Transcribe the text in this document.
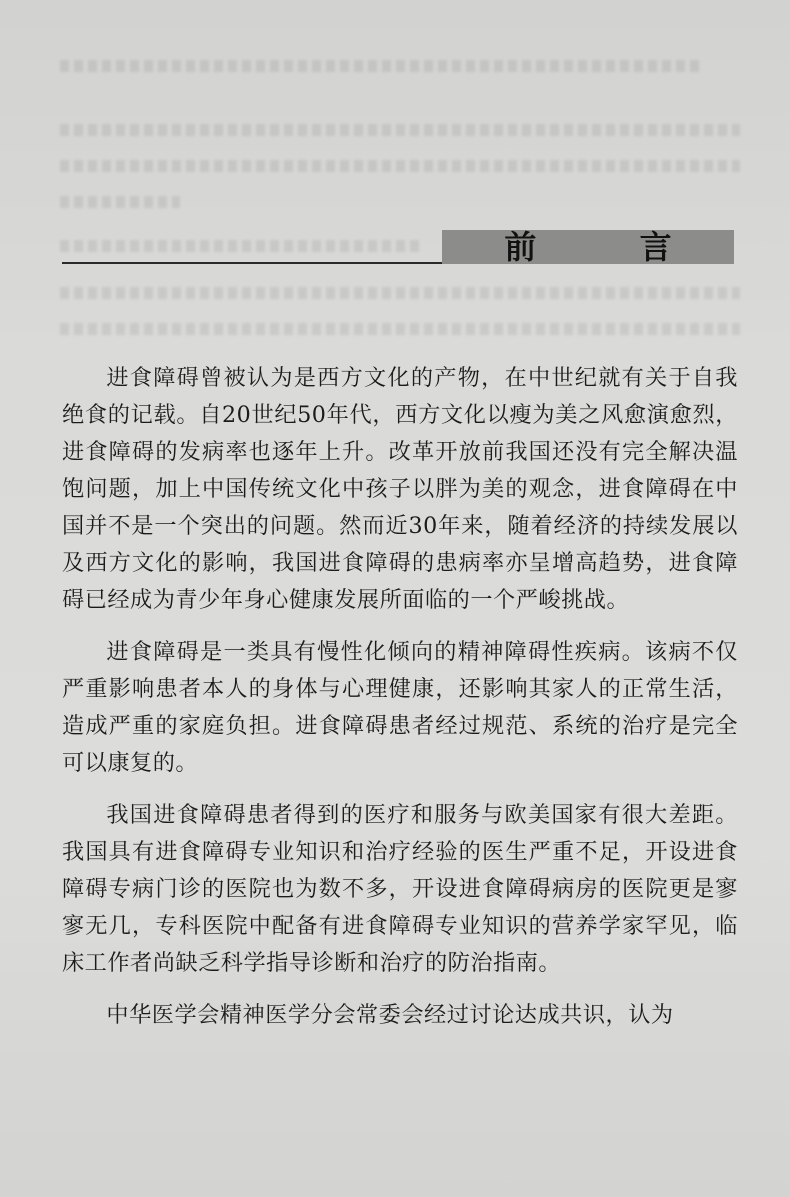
前 言

进食障碍曾被认为是西方文化的产物，在中世纪就有关于自我绝食的记载。自20世纪50年代，西方文化以瘦为美之风愈演愈烈，进食障碍的发病率也逐年上升。改革开放前我国还没有完全解决温饱问题，加上中国传统文化中孩子以胖为美的观念，进食障碍在中国并不是一个突出的问题。然而近30年来，随着经济的持续发展以及西方文化的影响，我国进食障碍的患病率亦呈增高趋势，进食障碍已经成为青少年身心健康发展所面临的一个严峻挑战。

进食障碍是一类具有慢性化倾向的精神障碍性疾病。该病不仅严重影响患者本人的身体与心理健康，还影响其家人的正常生活，造成严重的家庭负担。进食障碍患者经过规范、系统的治疗是完全可以康复的。

我国进食障碍患者得到的医疗和服务与欧美国家有很大差距。我国具有进食障碍专业知识和治疗经验的医生严重不足，开设进食障碍专病门诊的医院也为数不多，开设进食障碍病房的医院更是寥寥无几，专科医院中配备有进食障碍专业知识的营养学家罕见，临床工作者尚缺乏科学指导诊断和治疗的防治指南。

中华医学会精神医学分会常委会经过讨论达成共识，认为
